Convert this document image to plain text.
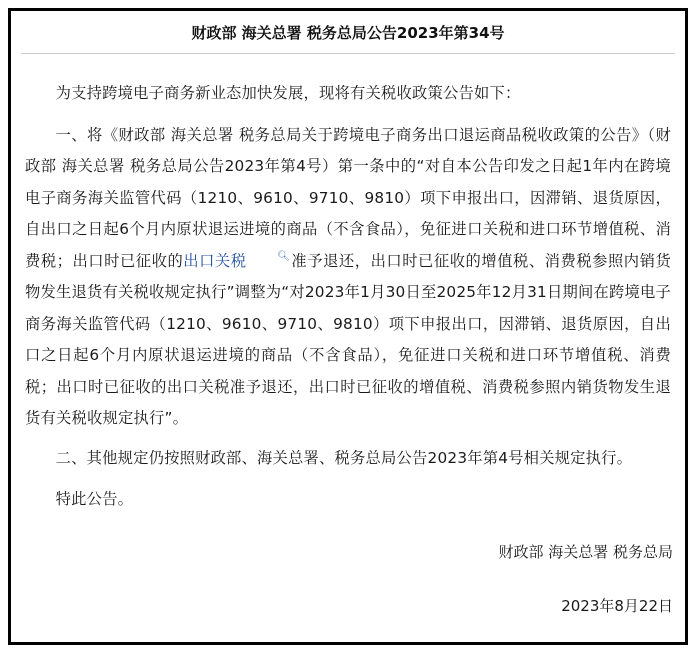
财政部 海关总署 税务总局公告2023年第34号

为支持跨境电子商务新业态加快发展，现将有关税收政策公告如下：

一、将《财政部 海关总署 税务总局关于跨境电子商务出口退运商品税收政策的公告》（财政部 海关总署 税务总局公告2023年第4号）第一条中的“对自本公告印发之日起1年内在跨境电子商务海关监管代码（1210、9610、9710、9810）项下申报出口，因滞销、退货原因，自出口之日起6个月内原状退运进境的商品（不含食品），免征进口关税和进口环节增值税、消费税；出口时已征收的出口关税	🔍︎准予退还，出口时已征收的增值税、消费税参照内销货物发生退货有关税收规定执行”调整为“对2023年1月30日至2025年12月31日期间在跨境电子商务海关监管代码（1210、9610、9710、9810）项下申报出口，因滞销、退货原因，自出口之日起6个月内原状退运进境的商品（不含食品），免征进口关税和进口环节增值税、消费税；出口时已征收的出口关税准予退还，出口时已征收的增值税、消费税参照内销货物发生退货有关税收规定执行”。

二、其他规定仍按照财政部、海关总署、税务总局公告2023年第4号相关规定执行。

特此公告。

财政部 海关总署 税务总局
2023年8月22日
